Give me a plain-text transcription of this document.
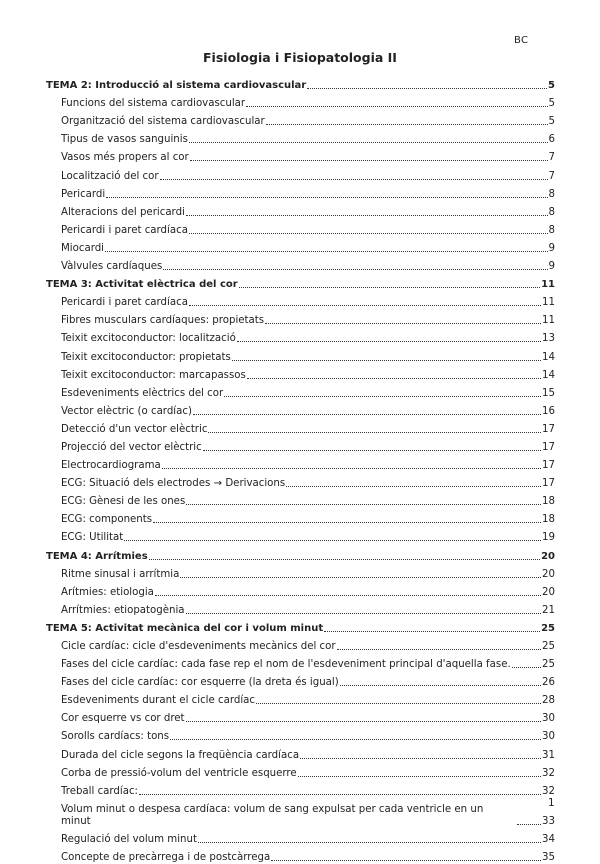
BC
Fisiologia i Fisiopatologia II
TEMA 2: Introducció al sistema cardiovascular	5
Funcions del sistema cardiovascular	5
Organització del sistema cardiovascular	5
Tipus de vasos sanguinis	6
Vasos més propers al cor	7
Localització del cor	7
Pericardi	8
Alteracions del pericardi	8
Pericardi i paret cardíaca	8
Miocardi	9
Vàlvules cardíaques	9
TEMA 3: Activitat elèctrica del cor	11
Pericardi i paret cardíaca	11
Fibres musculars cardíaques: propietats	11
Teixit excitoconductor: localització	13
Teixit excitoconductor: propietats	14
Teixit excitoconductor: marcapassos	14
Esdeveniments elèctrics del cor	15
Vector elèctric (o cardíac)	16
Detecció d'un vector elèctric	17
Projecció del vector elèctric	17
Electrocardiograma	17
ECG: Situació dels electrodes → Derivacions	17
ECG: Gènesi de les ones	18
ECG: components	18
ECG: Utilitat	19
TEMA 4: Arrítmies	20
Ritme sinusal i arrítmia	20
Arítmies: etiologia	20
Arrítmies: etiopatogènia	21
TEMA 5: Activitat mecànica del cor i volum minut	25
Cicle cardíac: cicle d'esdeveniments mecànics del cor	25
Fases del cicle cardíac: cada fase rep el nom de l'esdeveniment principal d'aquella fase.	25
Fases del cicle cardíac: cor esquerre (la dreta és igual)	26
Esdeveniments durant el cicle cardíac	28
Cor esquerre vs cor dret	30
Sorolls cardíacs: tons	30
Durada del cicle segons la freqüència cardíaca	31
Corba de pressió-volum del ventricle esquerre	32
Treball cardíac:	32
Volum minut o despesa cardíaca: volum de sang expulsat per cada ventricle en un minut	33
Regulació del volum minut	34
Concepte de precàrrega i de postcàrrega	35
1
